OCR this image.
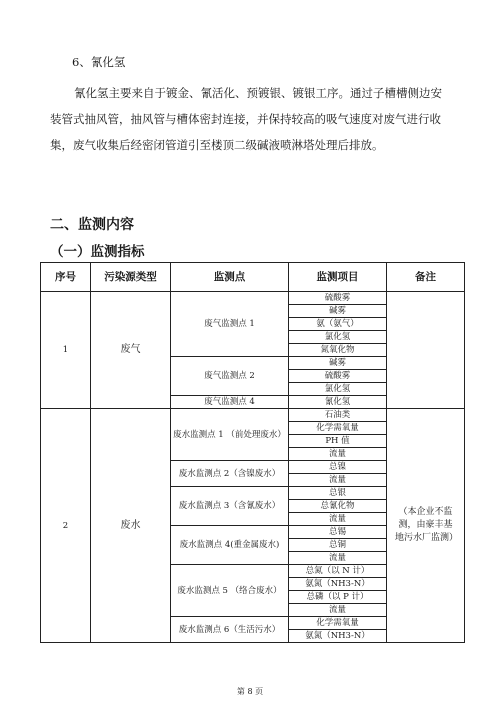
6、氰化氢
氰化氢主要来自于镀金、氰活化、预镀银、镀银工序。通过子槽槽侧边安装管式抽风管，抽风管与槽体密封连接，并保持较高的吸气速度对废气进行收集，废气收集后经密闭管道引至楼顶二级碱液喷淋塔处理后排放。
二、监测内容
（一）监测指标
序号	污染源类型	监测点	监测项目	备注
1	废气	废气监测点 1	硫酸雾	
			碱雾	
			氨（氨气）	
			氯化氢	
			氮氧化物	
		废气监测点 2	碱雾	
			硫酸雾	
			氯化氢	
		废气监测点 4	氰化氢	
2	废水	废水监测点 1 （前处理废水）	石油类	（本企业不监测，由豪丰基地污水厂监测）
			化学需氧量	
			PH 值	
			流量	
		废水监测点 2（含镍废水）	总镍	
			流量	
		废水监测点 3（含氰废水）	总银	
			总氰化物	
			流量	
		废水监测点 4(重金属废水)	总锡	
			总铜	
			流量	
		废水监测点 5 （络合废水）	总氮（以 N 计）	
			氨氮（NH3-N）	
			总磷（以 P 计）	
			流量	
		废水监测点 6（生活污水）	化学需氧量	
			氨氮（NH3-N）	
第 8 页
